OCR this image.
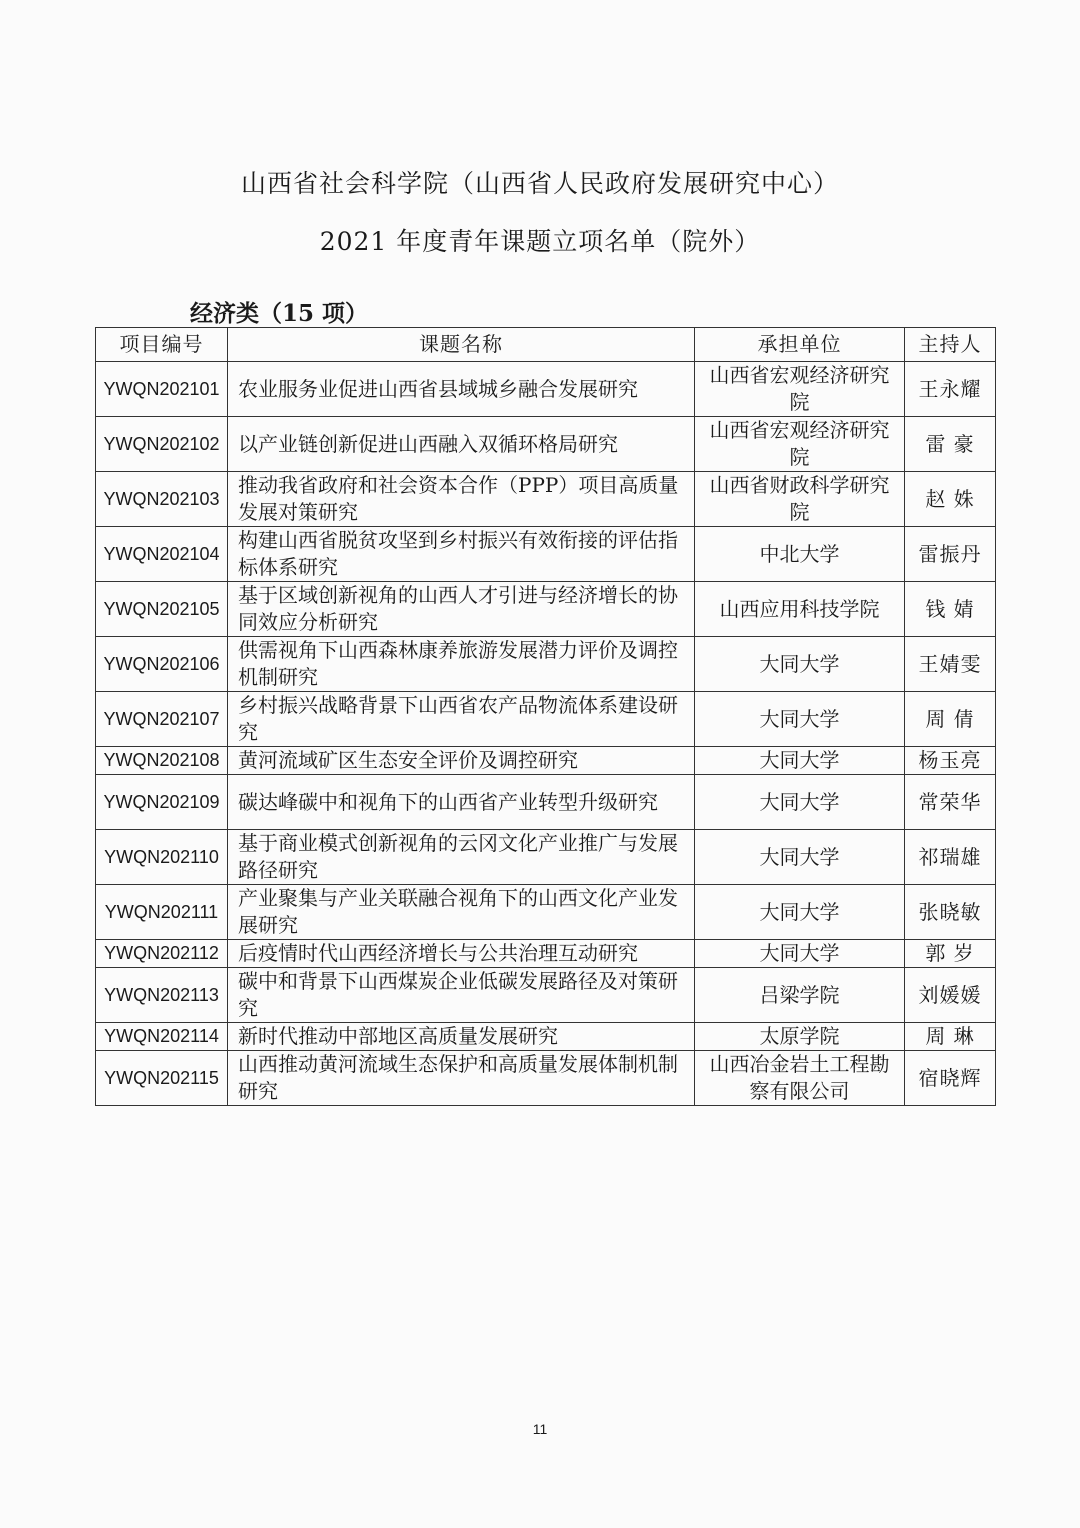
山西省社会科学院（山西省人民政府发展研究中心）
2021 年度青年课题立项名单（院外）
经济类（15 项）
项目编号	课题名称	承担单位	主持人
YWQN202101	农业服务业促进山西省县域城乡融合发展研究	山西省宏观经济研究院	王永耀
YWQN202102	以产业链创新促进山西融入双循环格局研究	山西省宏观经济研究院	雷 豪
YWQN202103	推动我省政府和社会资本合作（PPP）项目高质量发展对策研究	山西省财政科学研究院	赵 姝
YWQN202104	构建山西省脱贫攻坚到乡村振兴有效衔接的评估指标体系研究	中北大学	雷振丹
YWQN202105	基于区域创新视角的山西人才引进与经济增长的协同效应分析研究	山西应用科技学院	钱 婧
YWQN202106	供需视角下山西森林康养旅游发展潜力评价及调控机制研究	大同大学	王婧雯
YWQN202107	乡村振兴战略背景下山西省农产品物流体系建设研究	大同大学	周 倩
YWQN202108	黄河流域矿区生态安全评价及调控研究	大同大学	杨玉亮
YWQN202109	碳达峰碳中和视角下的山西省产业转型升级研究	大同大学	常荣华
YWQN202110	基于商业模式创新视角的云冈文化产业推广与发展路径研究	大同大学	祁瑞雄
YWQN202111	产业聚集与产业关联融合视角下的山西文化产业发展研究	大同大学	张晓敏
YWQN202112	后疫情时代山西经济增长与公共治理互动研究	大同大学	郭 岁
YWQN202113	碳中和背景下山西煤炭企业低碳发展路径及对策研究	吕梁学院	刘媛媛
YWQN202114	新时代推动中部地区高质量发展研究	太原学院	周 琳
YWQN202115	山西推动黄河流域生态保护和高质量发展体制机制研究	山西冶金岩土工程勘察有限公司	宿晓辉
11
